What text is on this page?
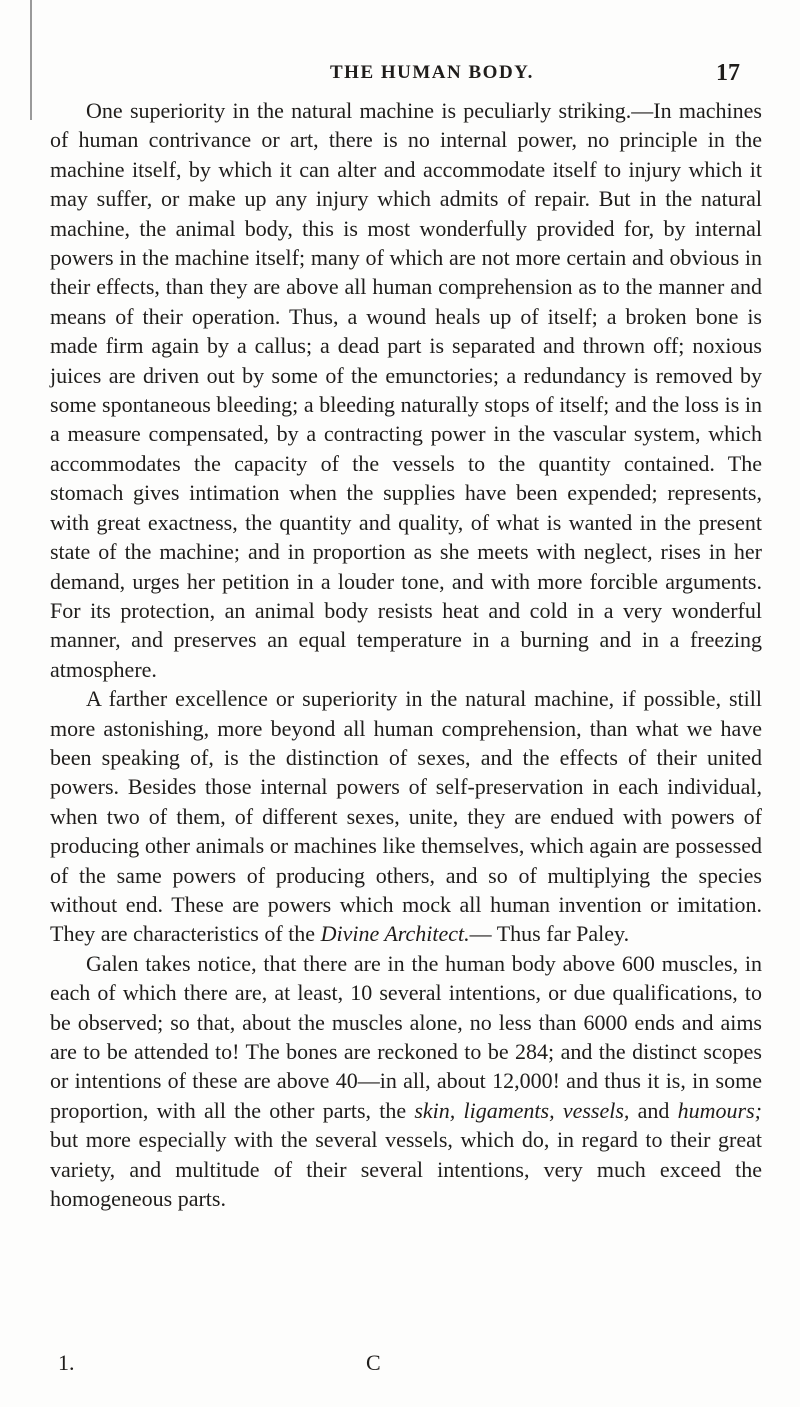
THE HUMAN BODY.	17

One superiority in the natural machine is peculiarly striking.—In machines of human contrivance or art, there is no internal power, no principle in the machine itself, by which it can alter and accommodate itself to injury which it may suffer, or make up any injury which admits of repair. But in the natural machine, the animal body, this is most wonderfully provided for, by internal powers in the machine itself; many of which are not more certain and obvious in their effects, than they are above all human comprehension as to the manner and means of their operation. Thus, a wound heals up of itself; a broken bone is made firm again by a callus; a dead part is separated and thrown off; noxious juices are driven out by some of the emunctories; a redundancy is removed by some spontaneous bleeding; a bleeding naturally stops of itself; and the loss is in a measure compensated, by a contracting power in the vascular system, which accommodates the capacity of the vessels to the quantity contained. The stomach gives intimation when the supplies have been expended; represents, with great exactness, the quantity and quality, of what is wanted in the present state of the machine; and in proportion as she meets with neglect, rises in her demand, urges her petition in a louder tone, and with more forcible arguments. For its protection, an animal body resists heat and cold in a very wonderful manner, and preserves an equal temperature in a burning and in a freezing atmosphere.

A farther excellence or superiority in the natural machine, if possible, still more astonishing, more beyond all human comprehension, than what we have been speaking of, is the distinction of sexes, and the effects of their united powers. Besides those internal powers of self-preservation in each individual, when two of them, of different sexes, unite, they are endued with powers of producing other animals or machines like themselves, which again are possessed of the same powers of producing others, and so of multiplying the species without end. These are powers which mock all human invention or imitation. They are characteristics of the Divine Architect.— Thus far Paley.

Galen takes notice, that there are in the human body above 600 muscles, in each of which there are, at least, 10 several intentions, or due qualifications, to be observed; so that, about the muscles alone, no less than 6000 ends and aims are to be attended to! The bones are reckoned to be 284; and the distinct scopes or intentions of these are above 40—in all, about 12,000! and thus it is, in some proportion, with all the other parts, the skin, ligaments, vessels, and humours; but more especially with the several vessels, which do, in regard to their great variety, and multitude of their several intentions, very much exceed the homogeneous parts.

1.	C
